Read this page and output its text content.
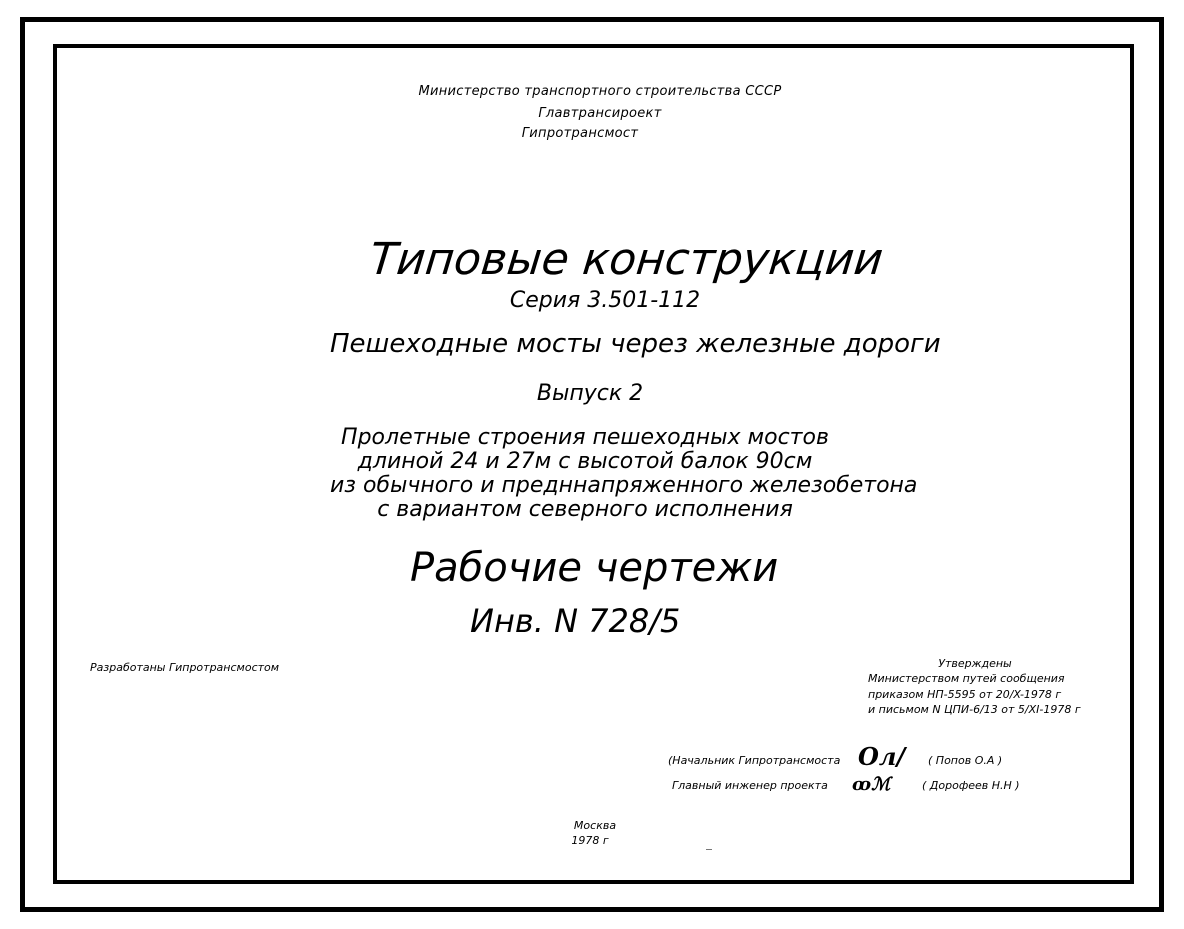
Министерство транспортного строительства СССР
Главтрансироект
Гипротрансмост
Типовые конструкции
Серия 3.501-112
Пешеходные мосты через железные дороги
Выпуск 2
Пролетные строения пешеходных мостов
длиной 24 и 27м с высотой балок 90см
из обычного и предннапряженного железобетона
с вариантом северного исполнения
Рабочие чертежи
Инв. N 728/5
Разработаны Гипротрансмостом	Утверждены
Министерством путей сообщения
приказом НП-5595 от 20/X-1978 г
и письмом N ЦПИ-6/13 от 5/XI-1978 г
(Начальник Гипротрансмоста Ол/ ( Попов О.А )
Главный инженер проекта ꝏℳ	( Дорофеев Н.Н )
Москва
1978 г
